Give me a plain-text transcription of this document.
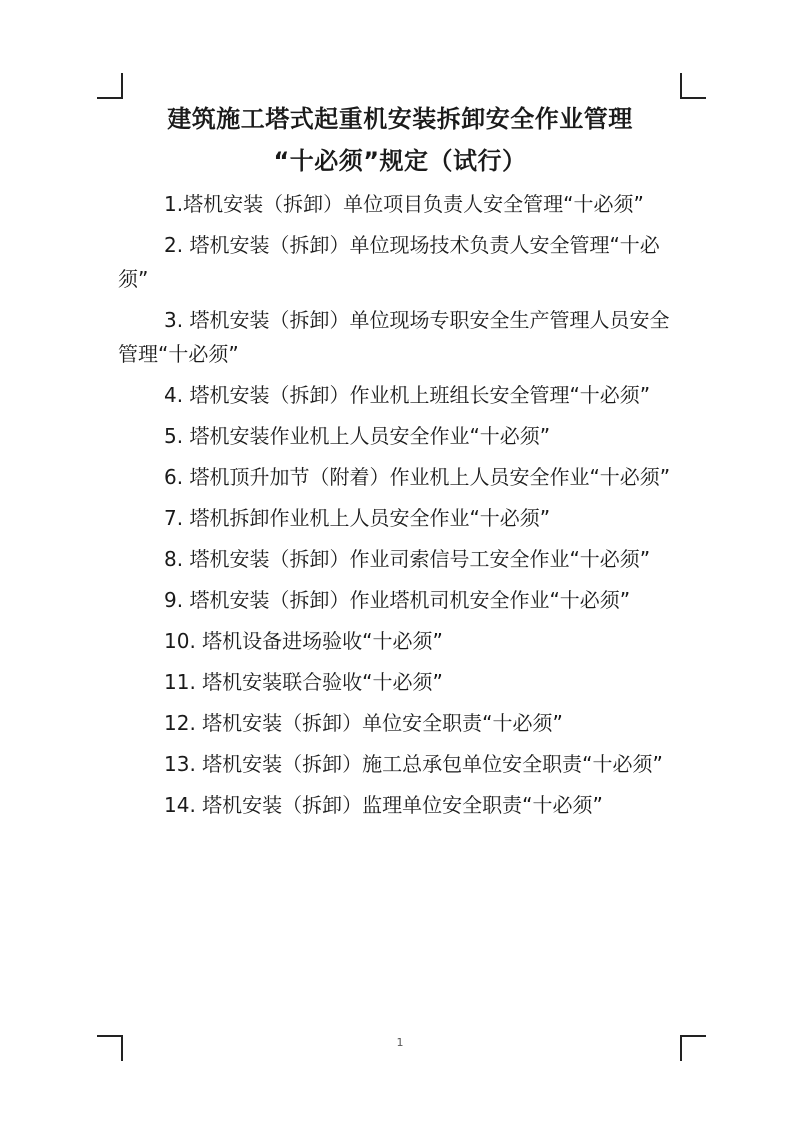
建筑施工塔式起重机安装拆卸安全作业管理
“十必须”规定（试行）
1.塔机安装（拆卸）单位项目负责人安全管理“十必须”
2. 塔机安装（拆卸）单位现场技术负责人安全管理“十必须”
3. 塔机安装（拆卸）单位现场专职安全生产管理人员安全管理“十必须”
4. 塔机安装（拆卸）作业机上班组长安全管理“十必须”
5. 塔机安装作业机上人员安全作业“十必须”
6. 塔机顶升加节（附着）作业机上人员安全作业“十必须”
7. 塔机拆卸作业机上人员安全作业“十必须”
8. 塔机安装（拆卸）作业司索信号工安全作业“十必须”
9. 塔机安装（拆卸）作业塔机司机安全作业“十必须”
10. 塔机设备进场验收“十必须”
11. 塔机安装联合验收“十必须”
12. 塔机安装（拆卸）单位安全职责“十必须”
13. 塔机安装（拆卸）施工总承包单位安全职责“十必须”
14. 塔机安装（拆卸）监理单位安全职责“十必须”
1
